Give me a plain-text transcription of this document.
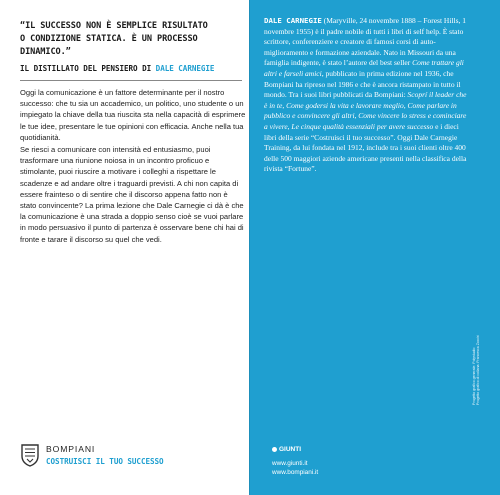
“IL SUCCESSO NON È SEMPLICE RISULTATO
O CONDIZIONE STATICA. È UN PROCESSO DINAMICO.”
IL DISTILLATO DEL PENSIERO DI DALE CARNEGIE

Oggi la comunicazione è un fattore determinante per il nostro successo: che tu sia un accademico, un politico, uno studente o un impiegato la chiave della tua riuscita sta nella capacità di esprimere le tue idee, presentare le tue opinioni con efficacia. Anche nella tua quotidianità.

Se riesci a comunicare con intensità ed entusiasmo, puoi trasformare una riunione noiosa in un incontro proficuo e stimolante, puoi riuscire a motivare i colleghi a rispettare le scadenze e ad andare oltre i traguardi previsti. A chi non capita di essere frainteso o di sentire che il discorso appena fatto non è stato convincente? La prima lezione che Dale Carnegie ci dà è che la comunicazione è una strada a doppio senso cioè se vuoi parlare in modo persuasivo il punto di partenza è osservare bene chi hai di fronte e tarare il discorso su quel che vedi.

BOMPIANI
COSTRUISCI IL TUO SUCCESSO
DALE CARNEGIE (Maryville, 24 novembre 1888 – Forest Hills, 1 novembre 1955) è il padre nobile di tutti i libri di self help. È stato scrittore, conferenziere e creatore di famosi corsi di auto-miglioramento e formazione aziendale. Nato in Missouri da una famiglia indigente, è stato l’autore del best seller Come trattare gli altri e farseli amici, pubblicato in prima edizione nel 1936, che Bompiani ha ripreso nel 1986 e che è ancora ristampato in tutto il mondo. Tra i suoi libri pubblicati da Bompiani: Scoprí il leader che è in te, Come godersi la vita e lavorare meglio, Come parlare in pubblico e convincere gli altri, Come vincere lo stress e cominciare a vivere, Le cinque qualità essenziali per avere successo e i dieci libri della serie “Costruisci il tuo successo”. Oggi Dale Carnegie Training, da lui fondata nel 1912, include tra i suoi clienti oltre 400 delle 500 maggiori aziende americane presenti nella classifica della rivista “Fortune”.
GIUNTI
www.giunti.it
www.bompiani.it
Progetto grafico generale: Polystudio Progetto grafico di collana: Francesca Zocchi
